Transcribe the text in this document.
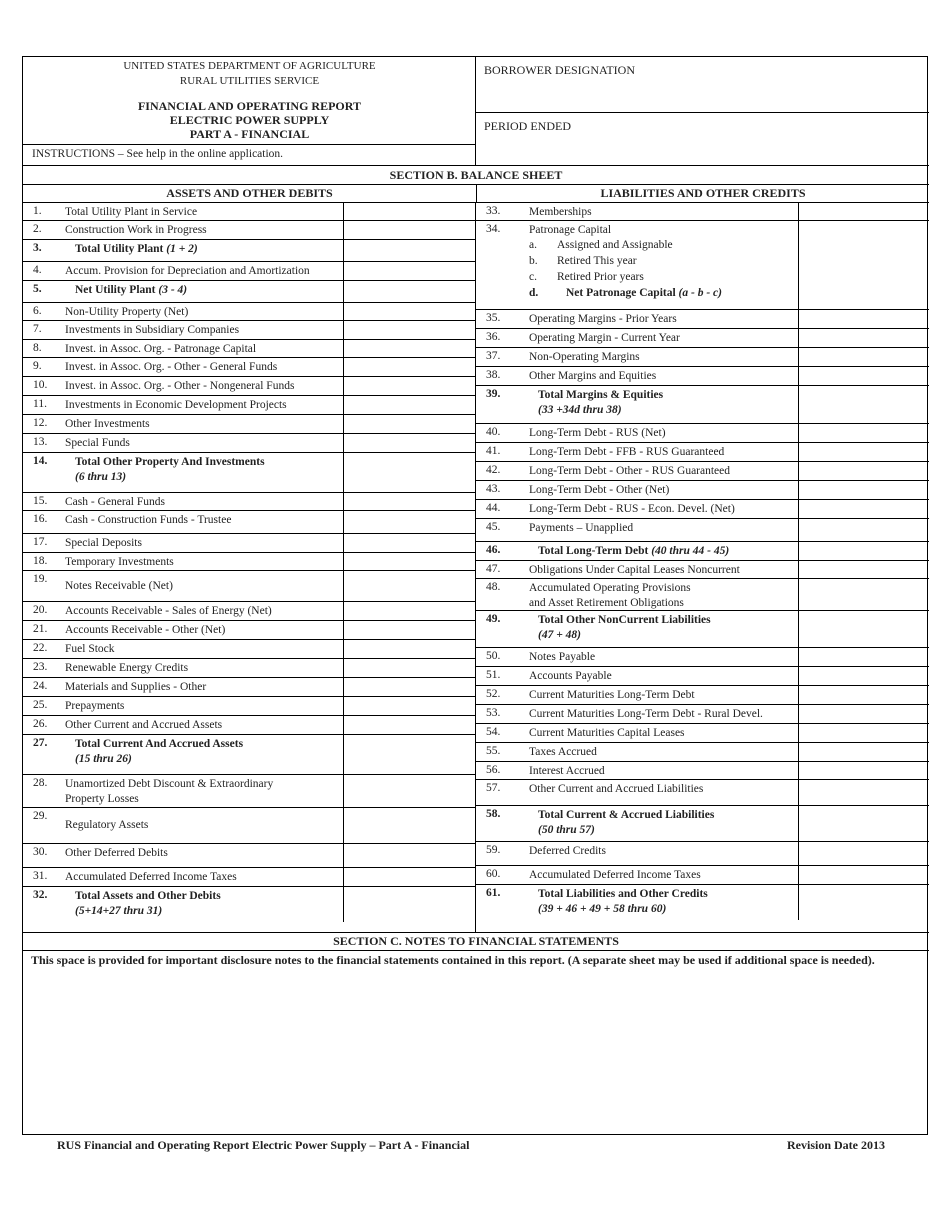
UNITED STATES DEPARTMENT OF AGRICULTURE
RURAL UTILITIES SERVICE
FINANCIAL AND OPERATING REPORT
ELECTRIC POWER SUPPLY
PART A - FINANCIAL
INSTRUCTIONS – See help in the online application.
BORROWER DESIGNATION
PERIOD ENDED
SECTION B. BALANCE SHEET
ASSETS AND OTHER DEBITS	LIABILITIES AND OTHER CREDITS
1. Total Utility Plant in Service
2. Construction Work in Progress
3.	Total Utility Plant (1 + 2)
4. Accum. Provision for Depreciation and Amortization
5.	Net Utility Plant (3 - 4)
6. Non-Utility Property (Net)
7. Investments in Subsidiary Companies
8. Invest. in Assoc. Org. - Patronage Capital
9. Invest. in Assoc. Org. - Other - General Funds
10. Invest. in Assoc. Org. - Other - Nongeneral Funds
11. Investments in Economic Development Projects
12. Other Investments
13. Special Funds
14. Total Other Property And Investments
(6 thru 13)
15. Cash - General Funds
16. Cash - Construction Funds - Trustee
17. Special Deposits
18. Temporary Investments
19.
Notes Receivable (Net)
20. Accounts Receivable - Sales of Energy (Net)
21. Accounts Receivable - Other (Net)
22. Fuel Stock
23. Renewable Energy Credits
24. Materials and Supplies - Other
25. Prepayments
26. Other Current and Accrued Assets
27. Total Current And Accrued Assets
(15 thru 26)
28. Unamortized Debt Discount & Extraordinary
Property Losses
29.
Regulatory Assets
30. Other Deferred Debits
31. Accumulated Deferred Income Taxes
32. Total Assets and Other Debits
(5+14+27 thru 31)
33. Memberships
34. Patronage Capital
a. Assigned and Assignable
b. Retired This year
c. Retired Prior years
d. Net Patronage Capital (a - b - c)
35. Operating Margins - Prior Years
36. Operating Margin - Current Year
37. Non-Operating Margins
38. Other Margins and Equities
39.	Total Margins & Equities
(33 +34d thru 38)
40. Long-Term Debt - RUS (Net)
41. Long-Term Debt - FFB - RUS Guaranteed
42. Long-Term Debt - Other - RUS Guaranteed
43. Long-Term Debt - Other (Net)
44. Long-Term Debt - RUS - Econ. Devel. (Net)
45. Payments – Unapplied
46.	Total Long-Term Debt (40 thru 44 - 45)
47. Obligations Under Capital Leases Noncurrent
48. Accumulated Operating Provisions
and Asset Retirement Obligations
49.	Total Other NonCurrent Liabilities
(47 + 48)
50. Notes Payable
51. Accounts Payable
52. Current Maturities Long-Term Debt
53. Current Maturities Long-Term Debt - Rural Devel.
54. Current Maturities Capital Leases
55. Taxes Accrued
56. Interest Accrued
57. Other Current and Accrued Liabilities
58.	Total Current & Accrued Liabilities
(50 thru 57)
59. Deferred Credits
60. Accumulated Deferred Income Taxes
61.	Total Liabilities and Other Credits
(39 + 46 + 49 + 58 thru 60)
SECTION C. NOTES TO FINANCIAL STATEMENTS
This space is provided for important disclosure notes to the financial statements contained in this report. (A separate sheet may be used if additional space is needed).
RUS Financial and Operating Report Electric Power Supply – Part A - Financial	Revision Date 2013
